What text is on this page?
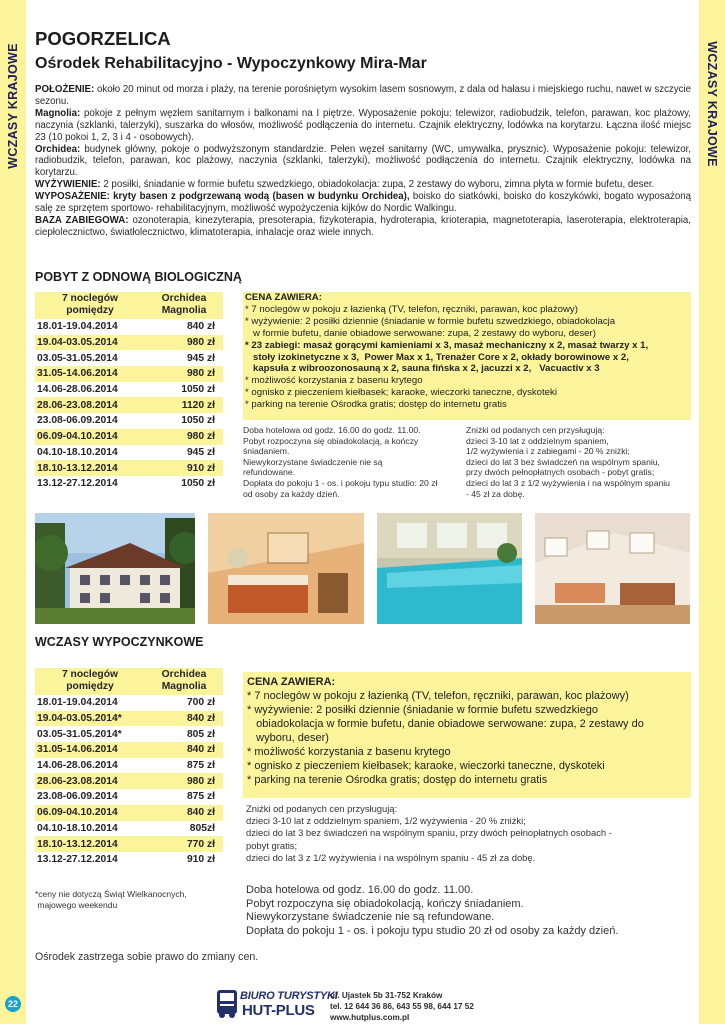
WCZASY KRAJOWE	WCZASY KRAJOWE
POGORZELICA
Ośrodek Rehabilitacyjno - Wypoczynkowy Mira-Mar

POŁOŻENIE: około 20 minut od morza i plaży, na terenie porośniętym wysokim lasem sosnowym, z dala od hałasu i miejskiego ruchu, nawet w szczycie sezonu.

Magnolia: pokoje z pełnym węzłem sanitarnym i balkonami na I piętrze. Wyposażenie pokoju: telewizor, radiobudzik, telefon, parawan, koc plażowy, naczynia (szklanki, talerzyki), suszarka do włosów, możliwość podłączenia do internetu. Czajnik elektryczny, lodówka na korytarzu. Łączna ilość miejsc 23 (10 pokoi 1, 2, 3 i 4 - osobowych).

Orchidea: budynek główny, pokoje o podwyższonym standardzie. Pełen węzeł sanitarny (WC, umywalka, prysznic). Wyposażenie pokoju: telewizor, radiobudzik, telefon, parawan, koc plażowy, naczynia (szklanki, talerzyki), możliwość podłączenia do internetu. Czajnik elektryczny, lodówka na korytarzu.

WYŻYWIENIE: 2 posiłki, śniadanie w formie bufetu szwedzkiego, obiadokolacja: zupa, 2 zestawy do wyboru, zimna płyta w formie bufetu, deser.

WYPOSAŻENIE: kryty basen z podgrzewaną wodą (basen w budynku Orchidea), boisko do siatkówki, boisko do koszykówki, bogato wyposażoną salę ze sprzętem sportowo- rehabilitacyjnym, możliwość wypożyczenia kijków do Nordic Walkingu.

BAZA ZABIEGOWA: ozonoterapia, kinezyterapia, presoterapia, fizykoterapia, hydroterapia, krioterapia, magnetoterapia, laseroterapia, elektroterapia, ciepłolecznictwo, światłolecznictwo, klimatoterapia, inhalacje oraz wiele innych.

POBYT Z ODNOWĄ BIOLOGICZNĄ
7 noclegów pomiędzy	Orchidea Magnolia
18.01-19.04.2014	840 zł
19.04-03.05.2014	980 zł
03.05-31.05.2014	945 zł
31.05-14.06.2014	980 zł
14.06-28.06.2014	1050 zł
28.06-23.08.2014	1120 zł
23.08-06.09.2014	1050 zł
06.09-04.10.2014	980 zł
04.10-18.10.2014	945 zł
18.10-13.12.2014	910 zł
13.12-27.12.2014	1050 zł
CENA ZAWIERA:
* 7 noclegów w pokoju z łazienką (TV, telefon, ręczniki, parawan, koc plażowy)
* wyżywienie: 2 posiłki dziennie (śniadanie w formie bufetu szwedzkiego, obiadokolacja
w formie bufetu, danie obiadowe serwowane: zupa, 2 zestawy do wyboru, deser)
* 23 zabiegi: masaż gorącymi kamieniami x 3, masaż mechaniczny x 2, masaż twarzy x 1,
stoły izokinetyczne x 3,  Power Max x 1, Trenażer Core x 2, okłady borowinowe x 2,
kapsuła z wibroozonosauną x 2, sauna fińska x 2, jacuzzi x 2,   Vacuactiv x 3
* możliwość korzystania z basenu krytego
* ognisko z pieczeniem kiełbasek; karaoke, wieczorki taneczne, dyskoteki
* parking na terenie Ośrodka gratis; dostęp do internetu gratis
Doba hotelowa od godz. 16.00 do godz. 11.00.
Pobyt rozpoczyna się obiadokolacją, a kończy
śniadaniem.
Niewykorzystane świadczenie nie są
refundowane.
Dopłata do pokoju 1 - os. i pokoju typu studio: 20 zł
od osoby za każdy dzień.
Zniżki od podanych cen przysługują:
dzieci 3-10 lat z oddzielnym spaniem,
1/2 wyżywienia i z zabiegami - 20 % zniżki;
dzieci do lat 3 bez świadczeń na wspólnym spaniu,
przy dwóch pełnopłatnych osobach - pobyt gratis;
dzieci do lat 3 z 1/2 wyżywienia i na wspólnym spaniu
- 45 zł za dobę.
WCZASY WYPOCZYNKOWE
7 noclegów pomiędzy	Orchidea Magnolia
18.01-19.04.2014	700 zł
19.04-03.05.2014*	840 zł
03.05-31.05.2014*	805 zł
31.05-14.06.2014	840 zł
14.06-28.06.2014	875 zł
28.06-23.08.2014	980 zł
23.08-06.09.2014	875 zł
06.09-04.10.2014	840 zł
04.10-18.10.2014	805zł
18.10-13.12.2014	770 zł
13.12-27.12.2014	910 zł
*ceny nie dotyczą Świąt Wielkanocnych,
majowego weekendu
CENA ZAWIERA:
* 7 noclegów w pokoju z łazienką (TV, telefon, ręczniki, parawan, koc plażowy)
* wyżywienie: 2 posiłki dziennie (śniadanie w formie bufetu szwedzkiego
obiadokolacja w formie bufetu, danie obiadowe serwowane: zupa, 2 zestawy do
wyboru, deser)
* możliwość korzystania z basenu krytego
* ognisko z pieczeniem kiełbasek; karaoke, wieczorki taneczne, dyskoteki
* parking na terenie Ośrodka gratis; dostęp do internetu gratis
Zniżki od podanych cen przysługują:
dzieci 3-10 lat z oddzielnym spaniem, 1/2 wyżywienia - 20 % zniżki;
dzieci do lat 3 bez świadczeń na wspólnym spaniu, przy dwóch pełnopłatnych osobach -
pobyt gratis;
dzieci do lat 3 z 1/2 wyżywienia i na wspólnym spaniu - 45 zł za dobę.
Doba hotelowa od godz. 16.00 do godz. 11.00.
Pobyt rozpoczyna się obiadokolacją, kończy śniadaniem.
Niewykorzystane świadczenie nie są refundowane.
Dopłata do pokoju 1 - os. i pokoju typu studio 20 zł od osoby za każdy dzień.
Ośrodek zastrzega sobie prawo do zmiany cen.
22
BIURO TURYSTYKI
HUT-PLUS
ul. Ujastek 5b 31-752 Kraków
tel. 12 644 36 86, 643 55 98, 644 17 52
www.hutplus.com.pl
